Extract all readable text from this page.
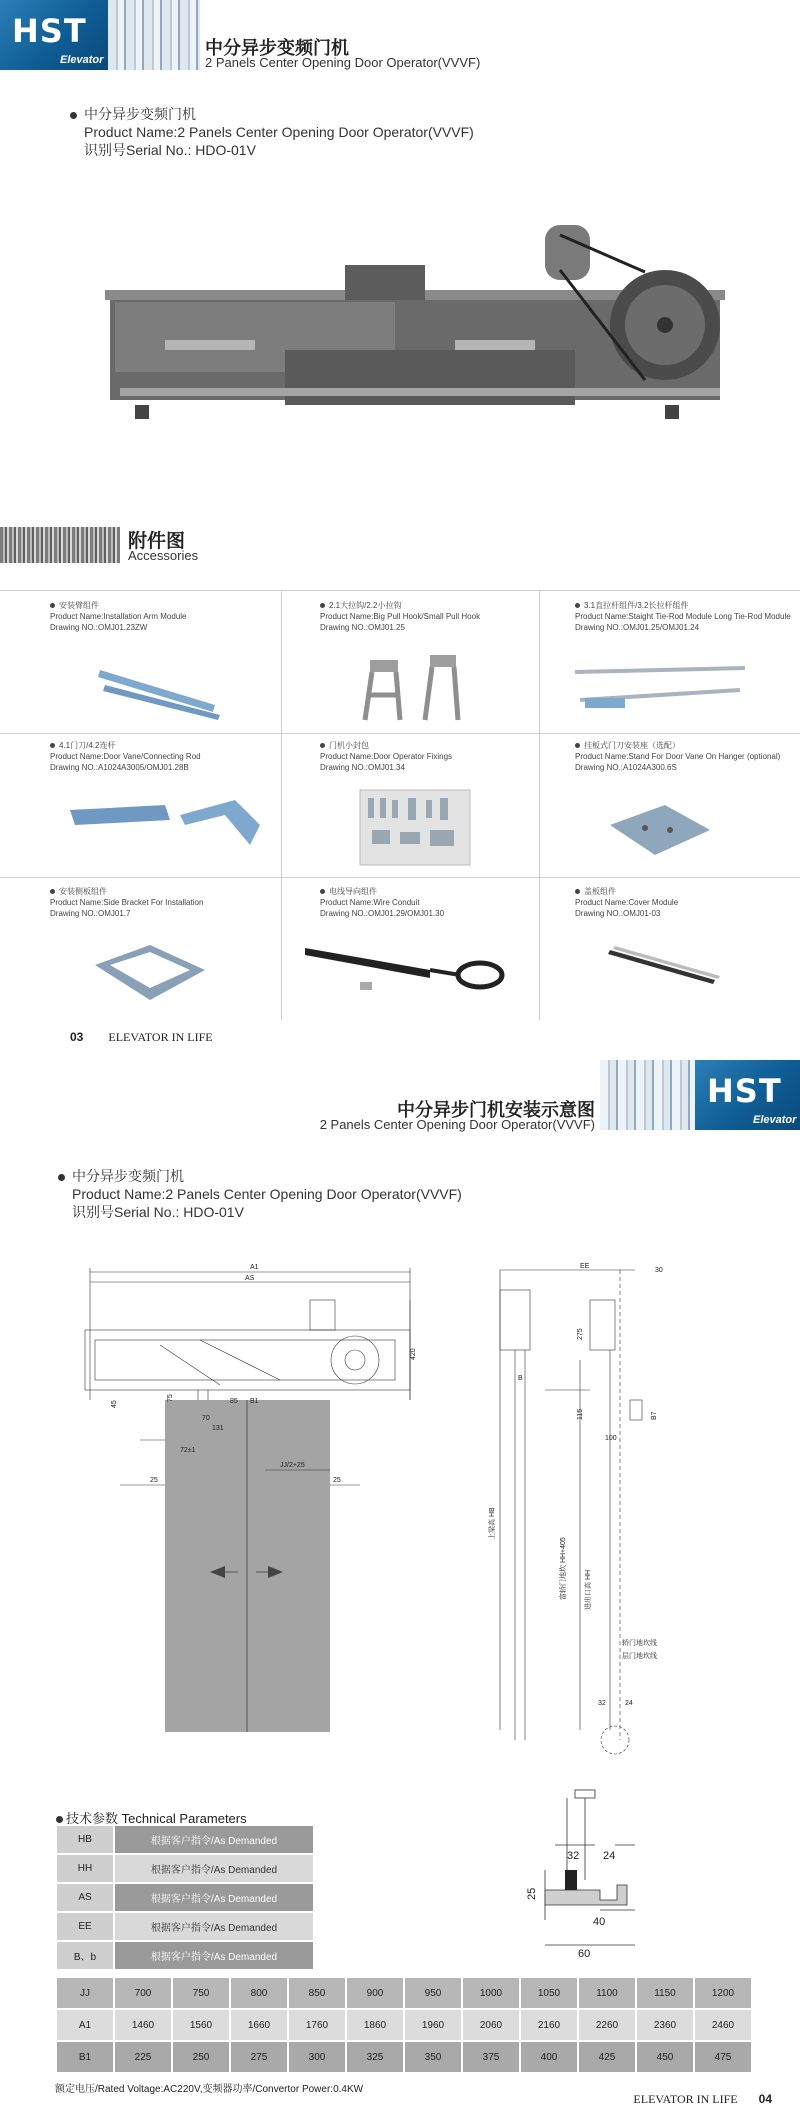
HST
Elevator
中分异步变频门机
2 Panels Center Opening Door Operator(VVVF)
中分异步变频门机
Product Name:2 Panels Center Opening Door Operator(VVVF)
识别号Serial No.: HDO-01V
附件图
Accessories
安装臂组件
Product Name:Installation Arm Module
Drawing NO.:OMJ01.23ZW
2.1大拉钩/2.2小拉钩
Product Name:Big Pull Hook/Small Pull Hook
Drawing NO.:OMJ01.25
3.1直拉杆组件/3.2长拉杆组件
Product Name:Staight Tie-Rod Module Long Tie-Rod Module
Drawing NO.:OMJ01.25/OMJ01.24
4.1门刀/4.2连杆
Product Name:Door Vane/Connecting Rod
Drawing NO.:A1024A3005/OMJ01.28B
门机小封包
Product Name:Door Operator Fixings
Drawing NO.:OMJ01.34
挂板式门刀安装座（选配）
Product Name:Stand For Door Vane On Hanger (optional)
Drawing NO.:A1024A300.6S
安装侧板组件
Product Name:Side Bracket For Installation
Drawing NO.:OMJ01.7
电线导向组件
Product Name:Wire Conduit
Drawing NO.:OMJ01.29/OMJ01.30
盖板组件
Product Name:Cover Module
Drawing NO.:OMJ01-03
03 ELEVATOR IN LIFE
HST
Elevator
中分异步门机安装示意图
2 Panels Center Opening Door Operator(VVVF)
中分异步变频门机
Product Name:2 Panels Center Opening Door Operator(VVVF)
识别号Serial No.: HDO-01V
A1
AS
420
45
75	85 B1
70
131
72±1
JJ/2+25
25	25
EE
30
275
B
115	B7
100
上梁高 HB
富轿门地坎 HH+405	进出口高 HH
轿门地坎线
层门地坎线
32	24
技术参数 Technical Parameters
HB	根据客户指令/As Demanded
HH	根据客户指令/As Demanded
AS	根据客户指令/As Demanded
EE	根据客户指令/As Demanded
B、b	根据客户指令/As Demanded
32 24
25
40
60
JJ	700	750	800	850	900	950	1000	1050	1100	1150	1200
A1	1460	1560	1660	1760	1860	1960	2060	2160	2260	2360	2460
B1	225	250	275	300	325	350	375	400	425	450	475
额定电压/Rated Voltage:AC220V,变频器功率/Convertor Power:0.4KW
ELEVATOR IN LIFE 04
